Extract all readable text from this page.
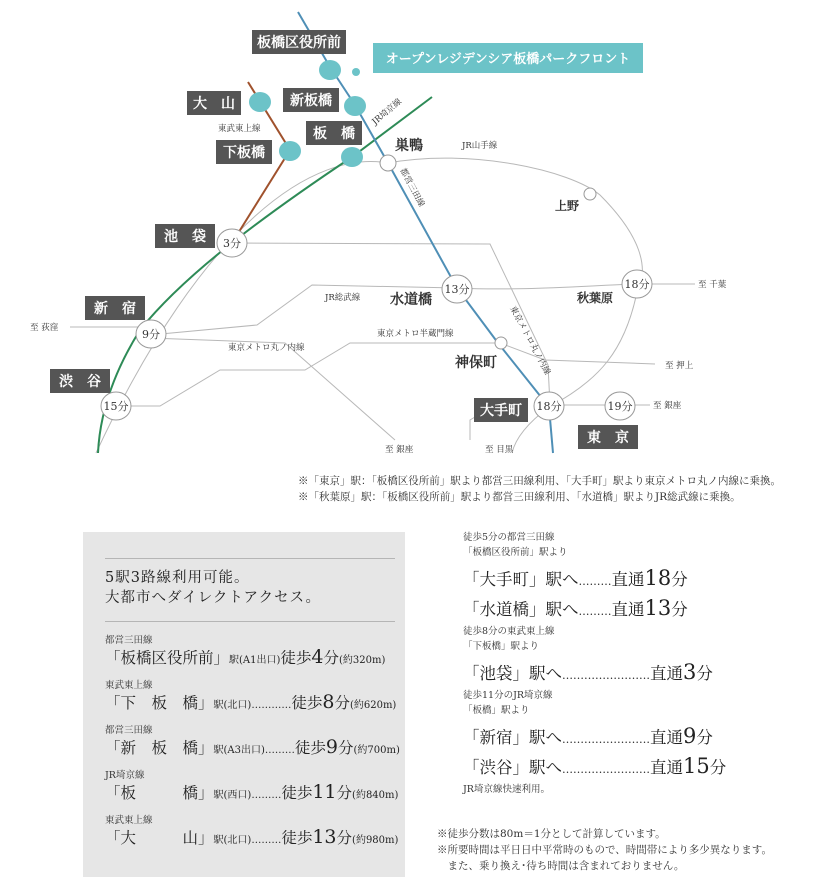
板橋区役所前
大　山	新板橋
下板橋
板　橋
池　袋
新　宿
渋　谷
大手町
東　京
オープンレジデンシア板橋パークフロント
巣鴨
上野
秋葉原
水道橋
神保町
3分
9分
15分
13分	18分
18分	19分
東武東上線
JR埼京線
JR山手線
都営三田線
JR総武線
東京メトロ半蔵門線
東京メトロ丸ノ内線	東京メトロ丸ノ内線
至 荻窪
至 千葉
至 押上
至 銀座
至 銀座	至 目黒
※「東京」駅：「板橋区役所前」駅より都営三田線利用、「大手町」駅より東京メトロ丸ノ内線に乗換。
※「秋葉原」駅：「板橋区役所前」駅より都営三田線利用、「水道橋」駅よりJR総武線に乗換。
5駅3路線利用可能。
大都市へダイレクトアクセス。
都営三田線
「板橋区役所前」駅(A1出口)徒歩4分(約320m)
東武東上線
「下　板　橋」駅(北口)…………徒歩8分(約620m)
都営三田線
「新　板　橋」駅(A3出口)………徒歩9分(約700m)
JR埼京線
「板　　　橋」駅(西口)………徒歩11分(約840m)
東武東上線
「大　　　山」駅(北口)………徒歩13分(約980m)
徒歩5分の都営三田線
「板橋区役所前」駅より
「大手町」駅へ………直通18分
「水道橋」駅へ………直通13分
徒歩8分の東武東上線
「下板橋」駅より
「池袋」駅へ……………………直通3分
徒歩11分のJR埼京線
「板橋」駅より
「新宿」駅へ……………………直通9分
「渋谷」駅へ……………………直通15分
JR埼京線快速利用。
※徒歩分数は80m＝1分として計算しています。
※所要時間は平日日中平常時のもので、時間帯により多少異なります。
　また、乗り換え･待ち時間は含まれておりません。
